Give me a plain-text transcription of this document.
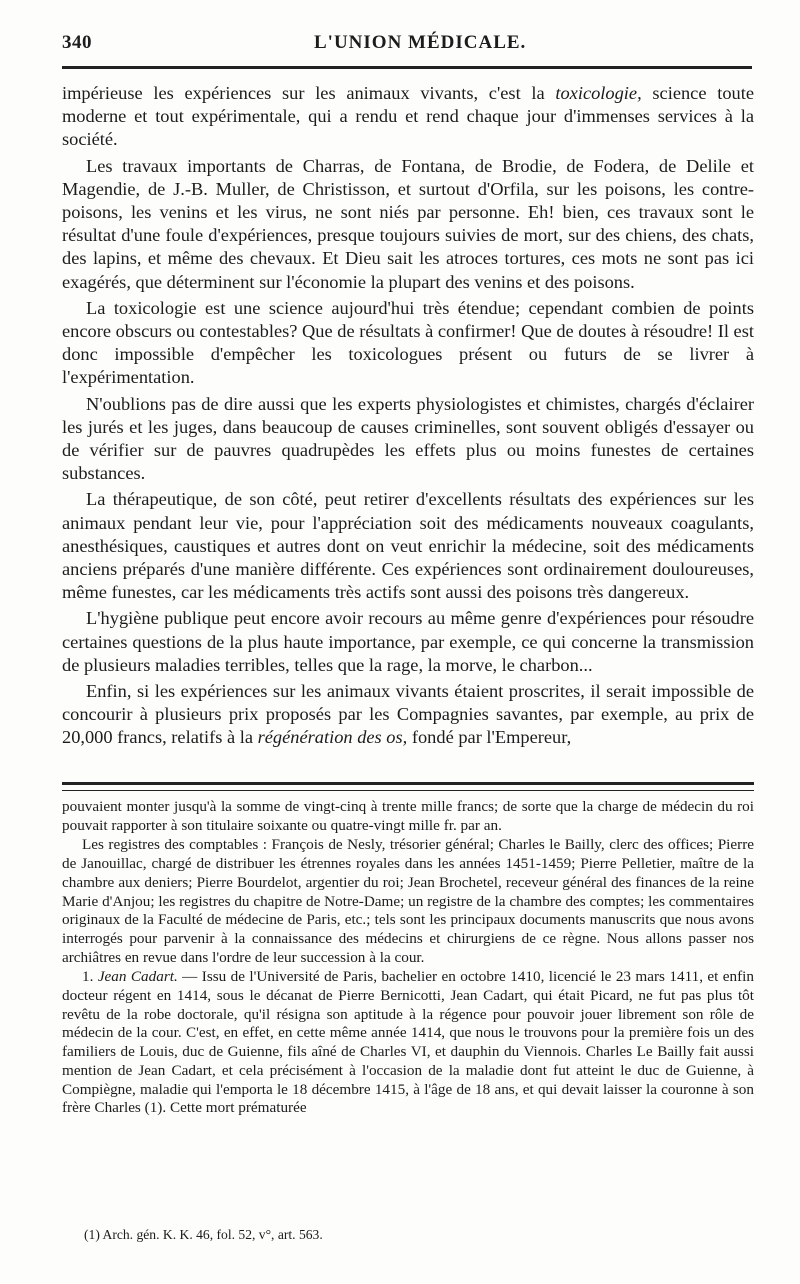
340	L'UNION MÉDICALE.

impérieuse les expériences sur les animaux vivants, c'est la toxicologie, science toute moderne et tout expérimentale, qui a rendu et rend chaque jour d'immenses services à la société.

Les travaux importants de Charras, de Fontana, de Brodie, de Fodera, de Delile et Magendie, de J.-B. Muller, de Christisson, et surtout d'Orfila, sur les poisons, les contre-poisons, les venins et les virus, ne sont niés par personne. Eh! bien, ces travaux sont le résultat d'une foule d'expériences, presque toujours suivies de mort, sur des chiens, des chats, des lapins, et même des chevaux. Et Dieu sait les atroces tortures, ces mots ne sont pas ici exagérés, que déterminent sur l'économie la plupart des venins et des poisons.

La toxicologie est une science aujourd'hui très étendue; cependant combien de points encore obscurs ou contestables? Que de résultats à confirmer! Que de doutes à résoudre! Il est donc impossible d'empêcher les toxicologues présent ou futurs de se livrer à l'expérimentation.

N'oublions pas de dire aussi que les experts physiologistes et chimistes, chargés d'éclairer les jurés et les juges, dans beaucoup de causes criminelles, sont souvent obligés d'essayer ou de vérifier sur de pauvres quadrupèdes les effets plus ou moins funestes de certaines substances.

La thérapeutique, de son côté, peut retirer d'excellents résultats des expériences sur les animaux pendant leur vie, pour l'appréciation soit des médicaments nouveaux coagulants, anesthésiques, caustiques et autres dont on veut enrichir la médecine, soit des médicaments anciens préparés d'une manière différente. Ces expériences sont ordinairement douloureuses, même funestes, car les médicaments très actifs sont aussi des poisons très dangereux.

L'hygiène publique peut encore avoir recours au même genre d'expériences pour résoudre certaines questions de la plus haute importance, par exemple, ce qui concerne la transmission de plusieurs maladies terribles, telles que la rage, la morve, le charbon...

Enfin, si les expériences sur les animaux vivants étaient proscrites, il serait impossible de concourir à plusieurs prix proposés par les Compagnies savantes, par exemple, au prix de 20,000 francs, relatifs à la régénération des os, fondé par l'Empereur,

pouvaient monter jusqu'à la somme de vingt-cinq à trente mille francs; de sorte que la charge de médecin du roi pouvait rapporter à son titulaire soixante ou quatre-vingt mille fr. par an.

Les registres des comptables : François de Nesly, trésorier général; Charles le Bailly, clerc des offices; Pierre de Janouillac, chargé de distribuer les étrennes royales dans les années 1451-1459; Pierre Pelletier, maître de la chambre aux deniers; Pierre Bourdelot, argentier du roi; Jean Brochetel, receveur général des finances de la reine Marie d'Anjou; les registres du chapitre de Notre-Dame; un registre de la chambre des comptes; les commentaires originaux de la Faculté de médecine de Paris, etc.; tels sont les principaux documents manuscrits que nous avons interrogés pour parvenir à la connaissance des médecins et chirurgiens de ce règne. Nous allons passer nos archiâtres en revue dans l'ordre de leur succession à la cour.

1. Jean Cadart. — Issu de l'Université de Paris, bachelier en octobre 1410, licencié le 23 mars 1411, et enfin docteur régent en 1414, sous le décanat de Pierre Bernicotti, Jean Cadart, qui était Picard, ne fut pas plus tôt revêtu de la robe doctorale, qu'il résigna son aptitude à la régence pour pouvoir jouer librement son rôle de médecin de la cour. C'est, en effet, en cette même année 1414, que nous le trouvons pour la première fois un des familiers de Louis, duc de Guienne, fils aîné de Charles VI, et dauphin du Viennois. Charles Le Bailly fait aussi mention de Jean Cadart, et cela précisément à l'occasion de la maladie dont fut atteint le duc de Guienne, à Compiègne, maladie qui l'emporta le 18 décembre 1415, à l'âge de 18 ans, et qui devait laisser la couronne à son frère Charles (1). Cette mort prématurée

(1) Arch. gén. K. K. 46, fol. 52, v°, art. 563.
